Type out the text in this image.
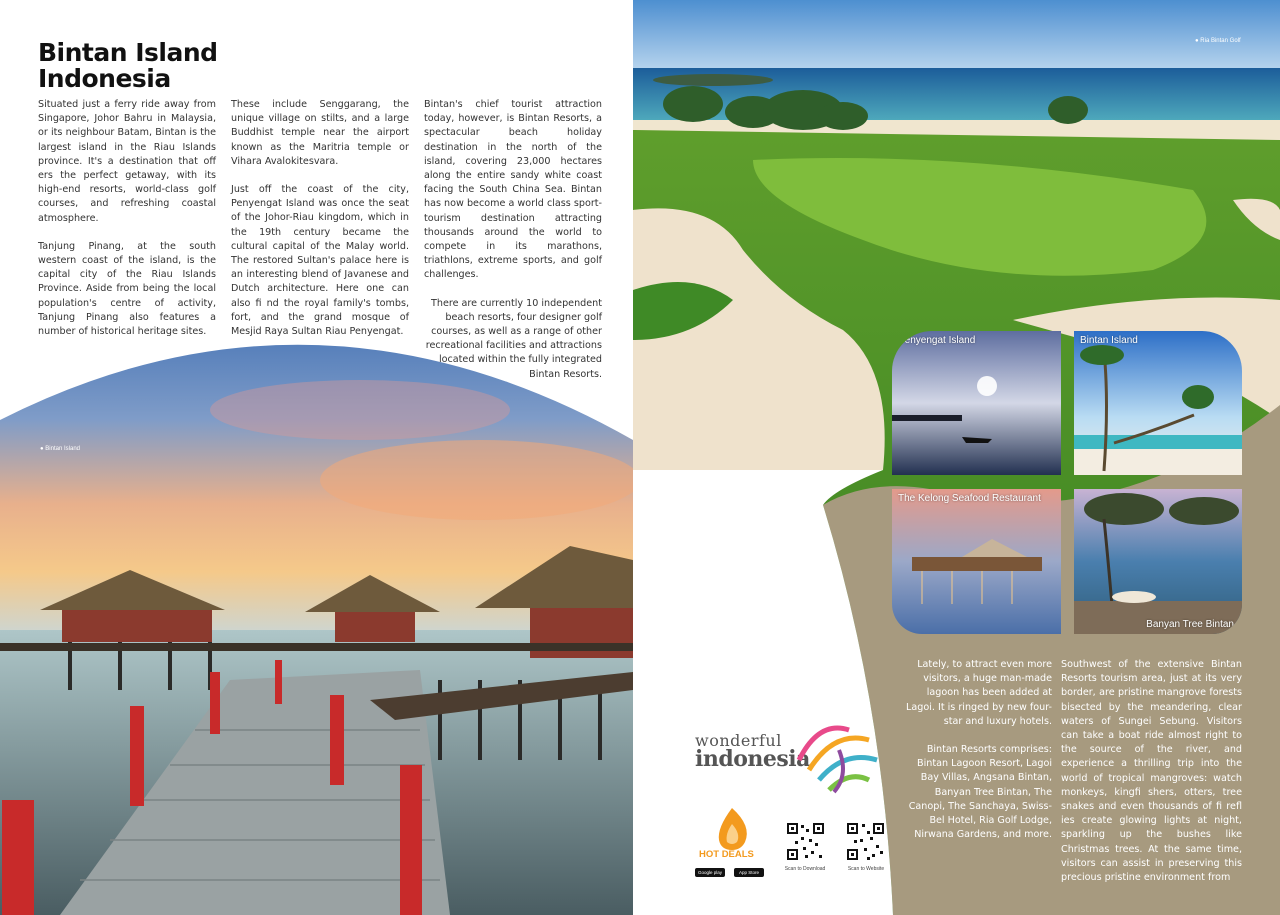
● Bintan Island
Bintan Island
Indonesia

Situated just a ferry ride away from Singapore, Johor Bahru in Malaysia, or its neighbour Batam, Bintan is the largest island in the Riau Islands province. It's a destination that off ers the perfect getaway, with its high-end resorts, world-class golf courses, and refreshing coastal atmosphere.

Tanjung Pinang, at the south western coast of the island, is the capital city of the Riau Islands Province. Aside from being the local population's centre of activity, Tanjung Pinang also features a number of historical heritage sites.

These include Senggarang, the unique village on stilts, and a large Buddhist temple near the airport known as the Maritria temple or Vihara Avalokitesvara.

Just off the coast of the city, Penyengat Island was once the seat of the Johor-Riau kingdom, which in the 19th century became the cultural capital of the Malay world. The restored Sultan's palace here is an interesting blend of Javanese and Dutch architecture. Here one can also fi nd the royal family's tombs, fort, and the grand mosque of Mesjid Raya Sultan Riau Penyengat.

Bintan's chief tourist attraction today, however, is Bintan Resorts, a spectacular beach holiday destination in the north of the island, covering 23,000 hectares along the entire sandy white coast facing the South China Sea. Bintan has now become a world class sport-tourism destination attracting thousands around the world to compete in its marathons, triathlons, extreme sports, and golf challenges.

There are currently 10 independent beach resorts, four designer golf courses, as well as a range of other recreational facilities and attractions located within the fully integrated Bintan Resorts.

● Ria Bintan Golf
Penyengat Island	Bintan Island
The Kelong Seafood Restaurant
Banyan Tree Bintan

Lately, to attract even more visitors, a huge man-made lagoon has been added at Lagoi. It is ringed by new four-star and luxury hotels.

Bintan Resorts comprises: Bintan Lagoon Resort, Lagoi Bay Villas, Angsana Bintan, Banyan Tree Bintan, The Canopi, The Sanchaya, Swiss-Bel Hotel, Ria Golf Lodge, Nirwana Gardens, and more.

Southwest of the extensive Bintan Resorts tourism area, just at its very border, are pristine mangrove forests bisected by the meandering, clear waters of Sungei Sebung. Visitors can take a boat ride almost right to the source of the river, and experience a thrilling trip into the world of tropical mangroves: watch monkeys, kingfi shers, otters, tree snakes and even thousands of fi refl ies create glowing lights at night, sparkling up the bushes like Christmas trees. At the same time, visitors can assist in preserving this precious pristine environment from

wonderful
indonesia
HOT DEALS
Google play	App Store
Scan to Download	Scan to Website
